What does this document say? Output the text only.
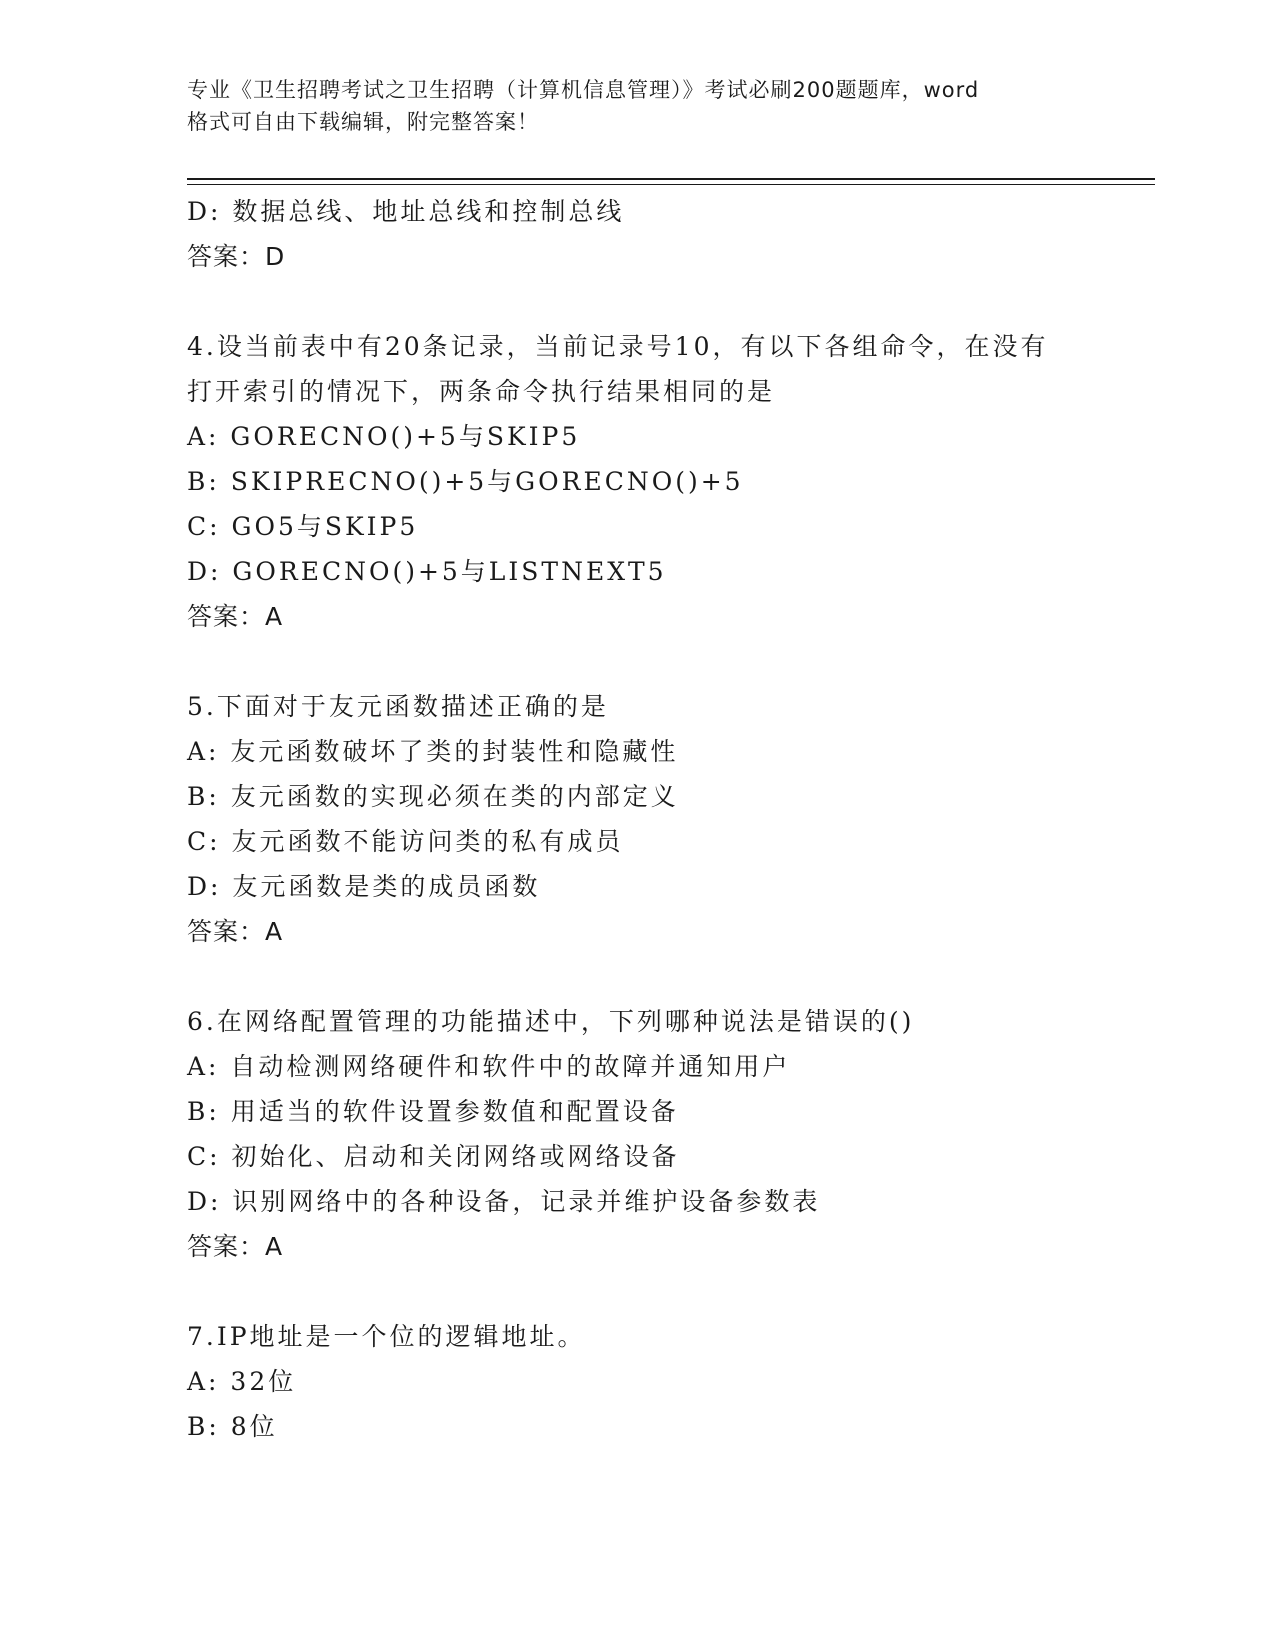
专业《卫生招聘考试之卫生招聘（计算机信息管理）》考试必刷200题题库，word
格式可自由下载编辑，附完整答案！
D: 数据总线、地址总线和控制总线
答案：D
4.设当前表中有20条记录，当前记录号10，有以下各组命令，在没有
打开索引的情况下，两条命令执行结果相同的是
A: GORECNO()+5与SKIP5
B: SKIPRECNO()+5与GORECNO()+5
C: GO5与SKIP5
D: GORECNO()+5与LISTNEXT5
答案：A
5.下面对于友元函数描述正确的是
A: 友元函数破坏了类的封装性和隐藏性
B: 友元函数的实现必须在类的内部定义
C: 友元函数不能访问类的私有成员
D: 友元函数是类的成员函数
答案：A
6.在网络配置管理的功能描述中，下列哪种说法是错误的()
A: 自动检测网络硬件和软件中的故障并通知用户
B: 用适当的软件设置参数值和配置设备
C: 初始化、启动和关闭网络或网络设备
D: 识别网络中的各种设备，记录并维护设备参数表
答案：A
7.IP地址是一个位的逻辑地址。
A: 32位
B: 8位
